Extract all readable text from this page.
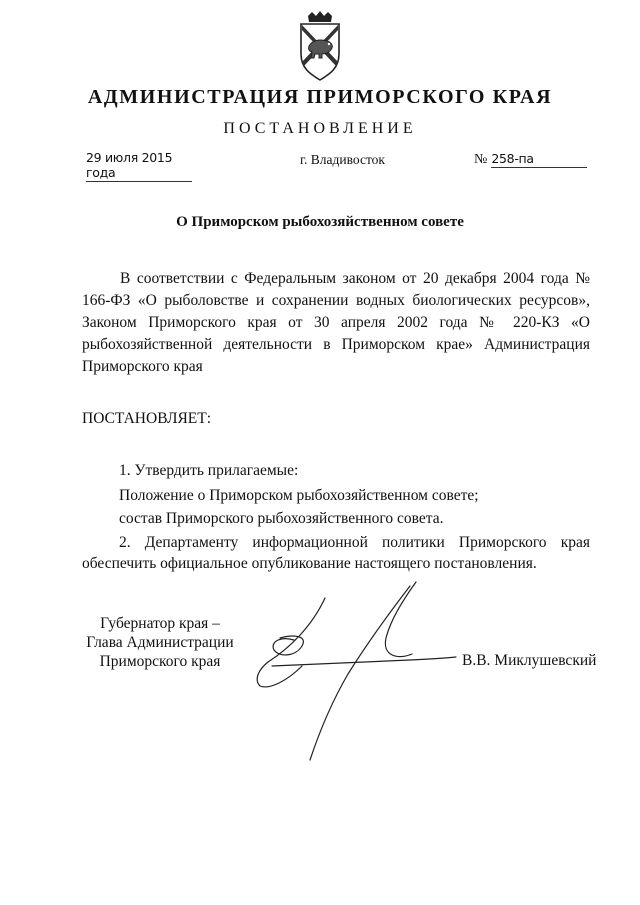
АДМИНИСТРАЦИЯ ПРИМОРСКОГО КРАЯ
ПОСТАНОВЛЕНИЕ
29 июля 2015 года
г. Владивосток	№ 258-па
О Приморском рыбохозяйственном совете

В соответствии с Федеральным законом от 20 декабря 2004 года № 166-ФЗ «О рыболовстве и сохранении водных биологических ресурсов», Законом Приморского края от 30 апреля 2002 года № 220-КЗ «О рыбохозяйственной деятельности в Приморском крае» Администрация Приморского края

ПОСТАНОВЛЯЕТ:
1. Утвердить прилагаемые:
Положение о Приморском рыбохозяйственном совете;
состав Приморского рыбохозяйственного совета.

2. Департаменту информационной политики Приморского края обеспечить официальное опубликование настоящего постановления.

Губернатор края –
Глава Администрации
Приморского края	В.В. Миклушевский
